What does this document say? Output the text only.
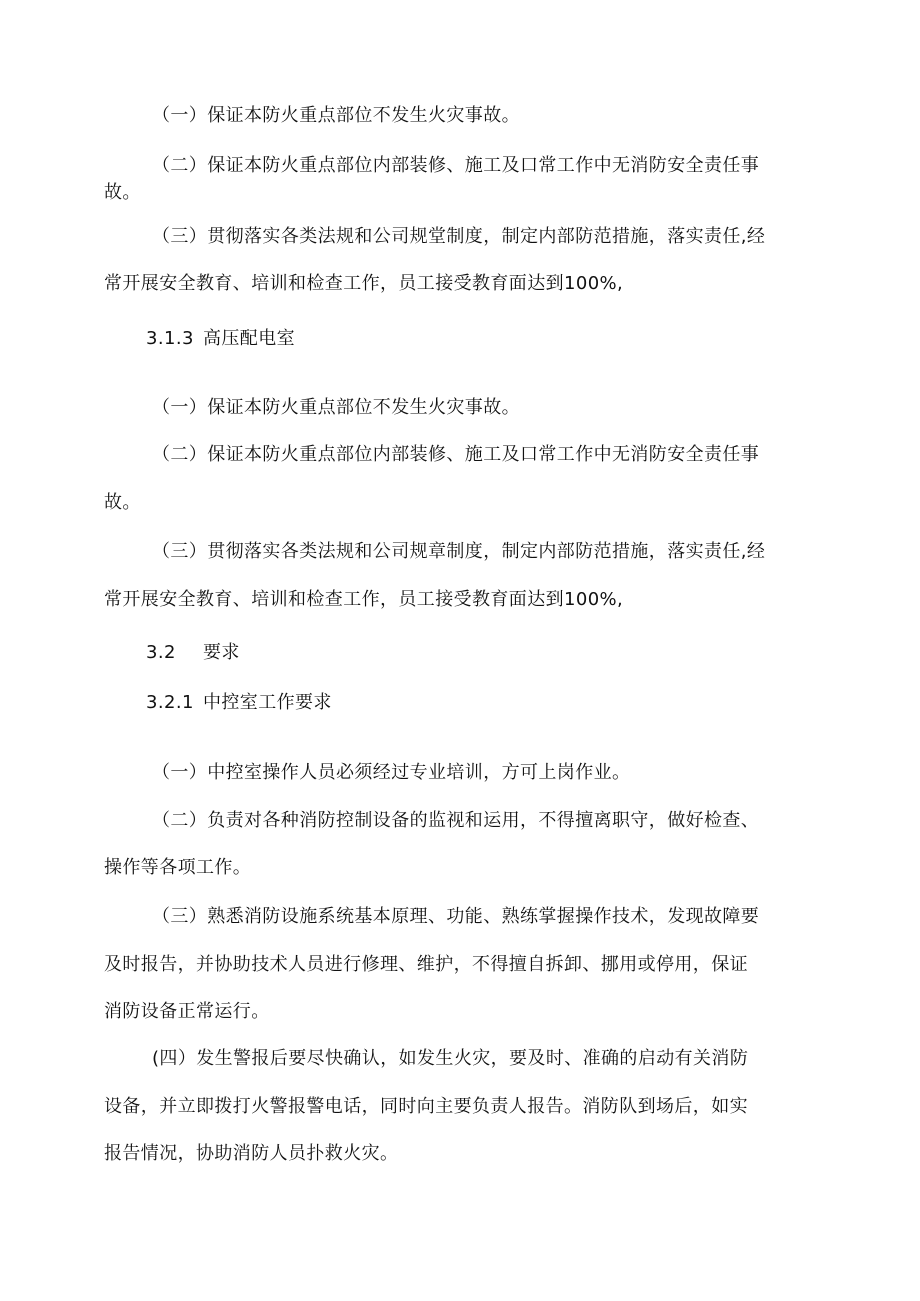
（一）保证本防火重点部位不发生火灾事故。
（二）保证本防火重点部位内部装修、施工及口常工作中无消防安全责任事
故。
（三）贯彻落实各类法规和公司规堂制度，制定内部防范措施，落实责任,经
常开展安全教育、培训和检查工作，员工接受教育面达到100%,
3.1.3 高压配电室
（一）保证本防火重点部位不发生火灾事故。
（二）保证本防火重点部位内部装修、施工及口常工作中无消防安全责任事
故。
（三）贯彻落实各类法规和公司规章制度，制定内部防范措施，落实责任,经
常开展安全教育、培训和检查工作，员工接受教育面达到100%,
3.2 要求
3.2.1 中控室工作要求
（一）中控室操作人员必须经过专业培训，方可上岗作业。
（二）负责对各种消防控制设备的监视和运用，不得擅离职守，做好检查、
操作等各项工作。
（三）熟悉消防设施系统基本原理、功能、熟练掌握操作技术，发现故障要
及时报告，并协助技术人员进行修理、维护，不得擅自拆卸、挪用或停用，保证
消防设备正常运行。
(四）发生警报后要尽快确认，如发生火灾，要及时、准确的启动有关消防
设备，并立即拨打火警报警电话，同时向主要负责人报告。消防队到场后，如实
报告情况，协助消防人员扑救火灾。
